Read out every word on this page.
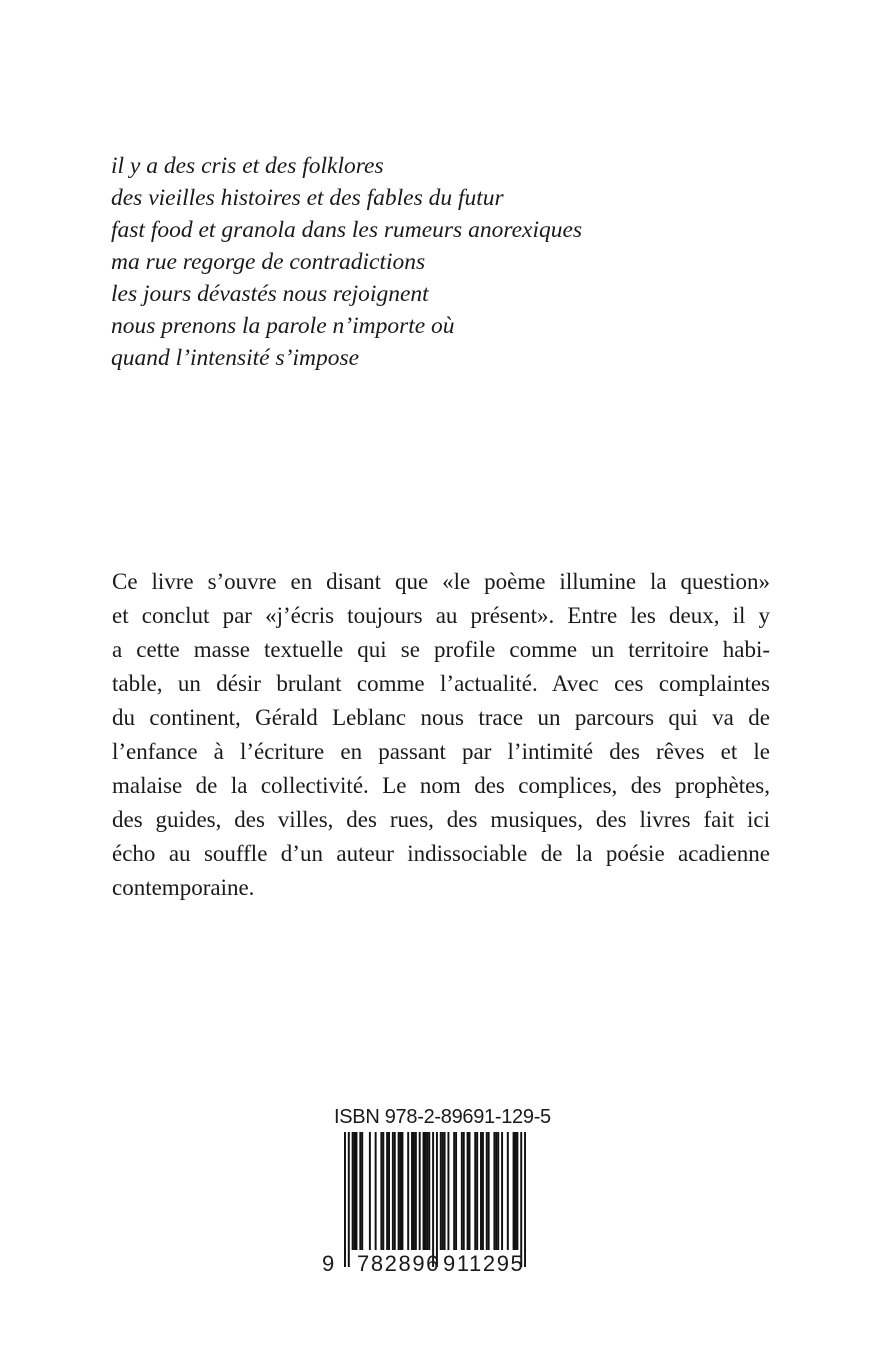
il y a des cris et des folklores
des vieilles histoires et des fables du futur
fast food et granola dans les rumeurs anorexiques
ma rue regorge de contradictions
les jours dévastés nous rejoignent
nous prenons la parole n’importe où
quand l’intensité s’impose
Ce livre s’ouvre en disant que «le poème illumine la question»
et conclut par «j’écris toujours au présent». Entre les deux, il y
a cette masse textuelle qui se profile comme un territoire habi-
table, un désir brulant comme l’actualité. Avec ces complaintes
du continent, Gérald Leblanc nous trace un parcours qui va de
l’enfance à l’écriture en passant par l’intimité des rêves et le
malaise de la collectivité. Le nom des complices, des prophètes,
des guides, des villes, des rues, des musiques, des livres fait ici
écho au souffle d’un auteur indissociable de la poésie acadienne
contemporaine.
ISBN 978-2-89691-129-5
9 782896 911295
